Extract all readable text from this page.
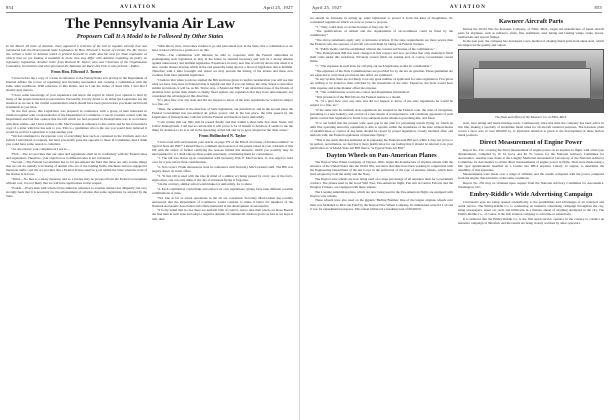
854	AVIATION	April 25, 1927
The Pennsylvania Air Law
Proposers Call It A Model to be Followed By Other States

In the March 28 issue of Aviation, there appeared a criticism of the bill to regulate aircraft that was introduced into the Pennsylvania State Legislature by Hon. Ellwood J. Turner of Chester, Pa. Mr. Turner has written a letter to Aviation which is printed herewith in order that the case for State regulation as closely that we are making it available to those who may differ with Aviation regarding its policy on regulatory legislation. Another letter from Richard H. Taylor, who was Chairman of the Organization Committee, Greensboro and also sponsored the National Air Races last Fall, is also printed.—Editor.

From Hon. Ellwood J. Turner

"I have before me a copy of a letter in reference to the Pennsylvania acts placing in the Department of Internal Affairs the power of regulating and licensing aeronautics and creating a commission with the same other conditions. With reference to this matter, and as I am the author of these bills, I feel that I should reply thereto.

"I have some knowledge of your experience and know the regard in which your opinion is held by many of the people interested in aeronautics. Personally, it is my desire to do either the Legislature see the situation as we see it, the careful consideration which should have been given before you make such broad statements as you have.

"In the first place, this Legislation was prepared in conference with a group of men interested in aviation together with a representative of the Department of Commerce. I was in constant contact with the Department and feel that opinion that the bill which we had prepared in Pennsylvania was in accordance with their wishes, and I have written to Mr. MacCracken in reference to this article and he has forwarded a copy of a letter which he has sent to you. This is a gentleman who is the one you would have believed it would be well for Legislation to wish another year.

"We had attempted to incorporate a lot of everything here such as contained in the Uniform Aero Act (which I introduced at request), but have practically gone the opposite to those in Committee, then I think you could have some reason to complain.

"As one answer your complaint as I see it:—

"First.—The act provides that our rules and regulations shall be in conformity with the Federal rules and regulations. Therefore, your objection as to different rules is not warranted.

"Second.—The Federal Government has so far pre-empted the field that those are only certain things that we can do, namely to licensing of airmen who are of the landing fields, machines and not engaged in interstate traffic, and the act provides that a Federal license shall be good within the State when the term of the license is in force.

"Third.—No idea is a safety measure, and so a license may be procured from the Federal Government without cost, it is not likely that we will have applications in this respect.

"Fourth.—Every man with whom I have talked in reference to aviation matters has diligently and very strongly feels that it is necessary for the advancement of aviation that some regulations be adopted by the State.

"With this in view, it becomes evident to go and plan ahead now in the State, that a commission as we have created will be in a position to do this.

"Fifth.—The commission will likewise be able to cooperate with the Federal authorities in promulgating such legislation as may in the future be deemed necessary and will be a strong defense against unnecessary and harmful legislation. Experience in every new line of activity shows that when it is new, certain abuses develop which in the end generally bring upon it a flood of legislation that is harmful. Therefore with a little foresight and vision we may prevent the arising of the abuses and these new evolutes from later remedial legislation.

"I believe that when you have studied the Bill and have given it careful consideration you will see that what we have done here in Pennsylvania is helpful and that if you can induce the other States to introduce similar provisions, it will be, as Mr. Taylor says, a 'Model Air Bill.'" I am afraid that none of the friends of Aviation have gotten their minds so firmly fixed against any regulation that they have unfortunately not considered the advantages in this direction.

"If a pilot flew over any state and did not happen to know of the state regulations he would be subject to a fine, etc.

"Then, the sentiment in the direction of State legislation, our jurisdiction; and in the second place the Federal Government has pre-empted all police power; and in the last place, the bills passed by the Legislature of Pennsylvania conform with the Federal and therefore leave uniformity.

"I am certain that our bills will be passed finally and that within a short time that other States will follow Pennsylvania. I am just as certain that it will prove to be of benefit to Aviation. It seems to me the thing for Aviation to do is to aid in the spreading of this bill and try to get it adopted in the other states."

From Hollinsford N. Taylor

"I have read with such interest your article on page 379 of the March 21st issue of Aviation entitled "A Typical State Air Bill?" I should like to comment upon several of the points raised in your criticism of this bill with the object of further clarifying the reasons behind this measure, which you possibly may be unacquainted to it. I shall take up these points separately, considering them for convenience.

"1. The bill was drawn up in consultation with Secretary Wm. P. MacCracken, Jr., has urged to hold over for a year before final consideration.

"2. Not correct. Frank discussions were in conference with Secretary MacCracken's staff. The Bill was largely drawn up in his office.

"3. "If this bill is used with the idea in mind of a similar act being passed by every one of the forty-eight states, one can only think of the day of intrastate flying is forgotten.

"On the contrary, similar action would make for uniformity, for to share.

"4. Each commission could make and enforce its own regulations, giving forty-nine different possible combinations of rules.

"Not true as far as actual operations in the air are concerned. Secretary MacCracken has recently announced that the Department of Commerce would consider to make it better for members of the National Aeronautic Association and others interested in the development of aeronautics.

"It is my belief that in case there are uniform bills of control, and to take their places on those Boards the best men in each state and adopt a negative attitude. If commercial aviation grows as fast as we hope it will, then

April 25, 1927	AVIATION	855

we should be fortunate in setting up some legislation to protect it from the kind of thoughtless, ill-considered regulations which we were so prone to propose.

"5. "They could deny or revoke licenses as they saw fit."

"The qualifications of airmen and the requirements of air-worthiness could be fixed by the commission."

"The above statements apply only to intrastate aviation. If the state requirements are more severe than the Federal code, the operator of aircraft can avail them by taking out Federal licenses.

"6. "Public fields could be established without the consent and license of the commission."

"The Pennsylvania Bill has been changed in this respect and now provides that only municipal fields shall come under this restriction. Privately owned fields are exempt and, of course, Government owned fields.

"7. "The expenses in such state for carrying out such legislation would be considerable."

"The expenses of the State Commissioners are provided for by the tax on gasoline. These gentlemen are not expected to carry their provisions into effect are estimated.

"In any system, there are not likely to be any great number of applicants for state registration. Few pilots are willing to be locked to their activities by the boundaries of the state. Therefore, the State would have little expense and some manner offset the expense.

"8. "The commissioner would also collect and disseminate information"

"This provision of the Bill follows the Federal statute to a model.

"9. "If a pilot flew over any state and did not happen to know of the state regulations he would be subject to a fine, etc."

"If the same rule for uniform state regulations are adopted in the Federal code, the rules of navigation, pertaining to a new industry, and control of a new means of transportation, will constitute opponents of such public control that legislation is found to be adequate in the situation governing this, and fixed.

"It is our belief that the present wide open gap in the plan for preventing unsafe flying, by which an unfit flier operating unworthy equipment is able to operate within the boundaries of the state without means of identification or control of any kind, should be closed by proper legislation, closely modeled after, and uniform with, the Federal regulations of interstate flying."

"This is the spirit that has animated us in preparing the Pennsylvania Bill and, while it may not prove to be perfect, nevertheless, we feel that it more justification for our feeling that it should be referred to in your publication as 'A Model State Air Bill' than to 'A Typical State Air Bill.'"

Dayton Wheels on Pan-American Planes

The Dayton Wire Wheel Company, of Dayton, Ohio, began the manufacture of airplane wheels with the entrance of the United States into the World War, and since that time have been working in conjunction with the Engineering Department of the Air Corps in the perfection of the type of airplane wheels, which have been adopted by both the Army and the Navy.

The Dayton wire wheels are now being used on a large percentage of all airplanes built for Government contract. The planes used in the Good Will Tour, Pan-American flight, Pan Am in Curtiss Falcons and the Douglas Cruisers, are equipped with these wheels.

The Loening Amphibian plane, which are now being used in the Pan-American flight, are equipped with Dayton wire wheels.

These wheels were also used on the gigantic Barling Bomber. One of the largest airplane wheels ever built was furnished to McCook Field by the Dayton Wire Wheel Company. Its dimensions were 64 x 10 and it was for experimental purposes. This wheel withstood a breaking load of 60,000 lb.

Kawneer Aircraft Parts

During the World War the Kawneer Company, of Niles, Mich., began the manufacture of metal aircraft parts for airplanes, such as radiators, struts, fins, stabilizers, steel tubing and landing wings, struts, braces, turnbuckles and special fittings.

In the past year, the company has developed a new method of shaping metal parts from sheet steel, which has improved the quality and output.

The plant and offices of the Kawneer Co. at Niles, Mich.

steel, bent tubing and metal fuselage parts. Continuously since that time the company has been active in this line, making a specialty of streamline metal tubes for all aircraft standard purposes. The Kawneer plant covers a floor area of over 200,000 sq. ft. Particular attention is given to the development of these hollow metal products.

Direct Measurement of Engine Power

Report No. 252, covering the direct measurement of engine power on an airplane in flight, with a hub type dynamometer, compiled by W. D. Gove and M. W. Green, for the National Advisory Committee for Aeronautics. Another tests made at the Langley Memorial Aeronautical Laboratory of the National Advisory Committee for Aeronautics to obtain direct measurements of engine power in flight. Tests were made using a hub type dynamometer installed on a Curtiss Sea DH-4 airplane, Liberty 12 engine, to determine the reliability of this apparatus.

Measurements were made over a range of altitudes and the results compared with the power computed from the engine characteristics at the same conditions.

Report No. 252 may be obtained upon request from the National Advisory Committee for Aeronautics, Washington, D.C.

Embry-Riddle's Wide Advertising Campaign

Cincinnati's eyes are being opened scientifically to the possibilities and advantages of air transport and aerial service. The Embry-Riddle Co. is conducting an intensive advertising campaign throughout the city, using newspapers, street car cards and billboards in a manner ahead of anything attempted in the city. The Embry-Riddle Co., of course, is the first aviation company to advertise so extensively.

It is believed that the Embry-Riddle Co. is the first aerial service operator in the country to conduct an intensive campaign of this kind, and the results are being closely watched by other operators.
